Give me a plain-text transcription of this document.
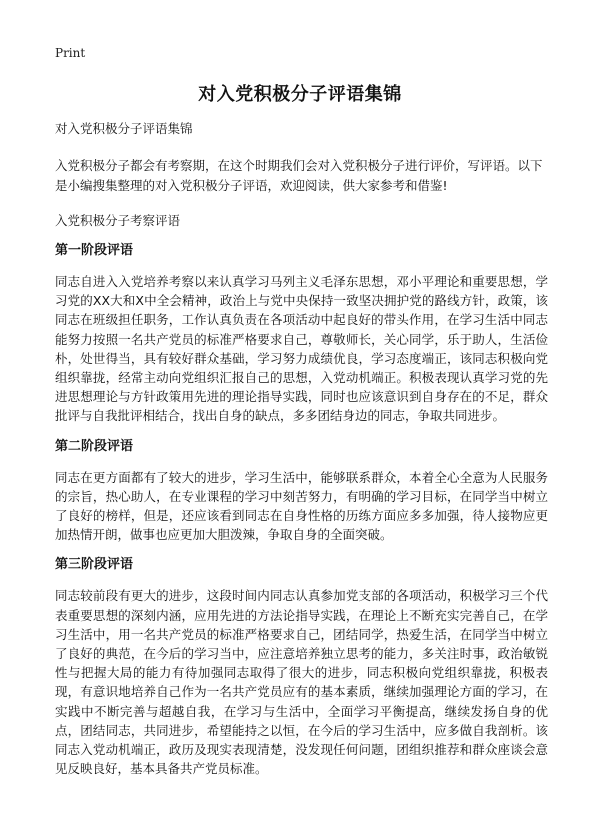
Print
对入党积极分子评语集锦
对入党积极分子评语集锦

入党积极分子都会有考察期，在这个时期我们会对入党积极分子进行评价，写评语。以下是小编搜集整理的对入党积极分子评语，欢迎阅读，供大家参考和借鉴!

入党积极分子考察评语
第一阶段评语

同志自进入入党培养考察以来认真学习马列主义毛泽东思想，邓小平理论和重要思想，学习党的XX大和X中全会精神，政治上与党中央保持一致坚决拥护党的路线方针，政策，该同志在班级担任职务，工作认真负责在各项活动中起良好的带头作用，在学习生活中同志能努力按照一名共产党员的标准严格要求自己，尊敬师长，关心同学，乐于助人，生活俭朴，处世得当，具有较好群众基础，学习努力成绩优良，学习态度端正，该同志积极向党组织靠拢，经常主动向党组织汇报自己的思想，入党动机端正。积极表现认真学习党的先进思想理论与方针政策用先进的理论指导实践，同时也应该意识到自身存在的不足，群众批评与自我批评相结合，找出自身的缺点，多多团结身边的同志，争取共同进步。

第二阶段评语

同志在更方面都有了较大的进步，学习生活中，能够联系群众，本着全心全意为人民服务的宗旨，热心助人，在专业课程的学习中刻苦努力，有明确的学习目标，在同学当中树立了良好的榜样，但是，还应该看到同志在自身性格的历练方面应多多加强，待人接物应更加热情开朗，做事也应更加大胆泼辣，争取自身的全面突破。

第三阶段评语

同志较前段有更大的进步，这段时间内同志认真参加党支部的各项活动，积极学习三个代表重要思想的深刻内涵，应用先进的方法论指导实践，在理论上不断充实完善自己，在学习生活中，用一名共产党员的标准严格要求自己，团结同学，热爱生活，在同学当中树立了良好的典范，在今后的学习当中，应注意培养独立思考的能力，多关注时事，政治敏锐性与把握大局的能力有待加强同志取得了很大的进步，同志积极向党组织靠拢，积极表现，有意识地培养自己作为一名共产党员应有的基本素质，继续加强理论方面的学习，在实践中不断完善与超越自我，在学习与生活中，全面学习平衡提高，继续发扬自身的优点，团结同志，共同进步，希望能持之以恒，在今后的学习生活中，应多做自我剖析。该同志入党动机端正，政历及现实表现清楚，没发现任何问题，团组织推荐和群众座谈会意见反映良好，基本具备共产党员标准。
